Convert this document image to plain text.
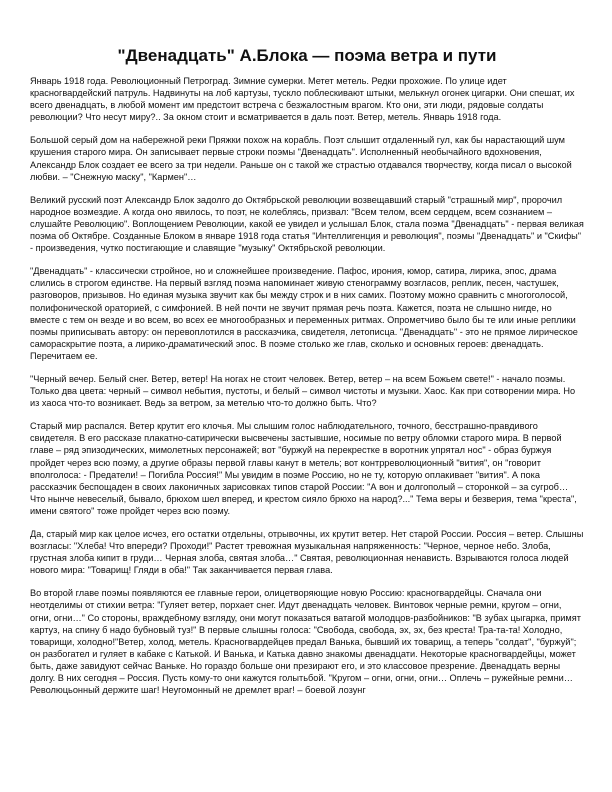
"Двенадцать" А.Блока — поэма ветра и пути

Январь 1918 года. Революционный Петроград. Зимние сумерки. Метет метель. Редки прохожие. По улице идет красногвардейский патруль. Надвинуты на лоб картузы, тускло поблескивают штыки, мелькнул огонек цигарки. Они спешат, их всего двенадцать, в любой момент им предстоит встреча с безжалостным врагом. Кто они, эти люди, рядовые солдаты революции? Что несут миру?.. За окном стоит и всматривается в даль поэт. Ветер, метель. Январь 1918 года.

Большой серый дом на набережной реки Пряжки похож на корабль. Поэт слышит отдаленный гул, как бы нарастающий шум крушения старого мира. Он записывает первые строки поэмы "Двенадцать". Исполненный необычайного вдохновения, Александр Блок создает ее всего за три недели. Раньше он с такой же страстью отдавался творчеству, когда писал о высокой любви. – "Снежную маску", "Кармен"…

Великий русский поэт Александр Блок задолго до Октябрьской революции возвещавший старый "страшный мир", пророчил народное возмездие. А когда оно явилось, то поэт, не колеблясь, призвал: "Всем телом, всем сердцем, всем сознанием – слушайте Революцию". Воплощением Революции, какой ее увидел и услышал Блок, стала поэма "Двенадцать" - первая великая поэма об Октябре. Созданные Блоком в январе 1918 года статья "Интеллигенция и революция", поэмы "Двенадцать" и "Скифы" - произведения, чутко постигающие и славящие "музыку" Октябрьской революции.

"Двенадцать" - классически стройное, но и сложнейшее произведение. Пафос, ирония, юмор, сатира, лирика, эпос, драма слились в строгом единстве. На первый взгляд поэма напоминает живую стенограмму возгласов, реплик, песен, частушек, разговоров, призывов. Но единая музыка звучит как бы между строк и в них самих. Поэтому можно сравнить с многоголосой, полифонической ораторией, с симфонией. В ней почти не звучит прямая речь поэта. Кажется, поэта не слышно нигде, но вместе с тем он везде и во всем, во всех ее многообразных и переменных ритмах. Опрометчиво было бы те или иные реплики поэмы приписывать автору: он перевоплотился в рассказчика, свидетеля, летописца. "Двенадцать" - это не прямое лирическое самораскрытие поэта, а лирико-драматический эпос. В поэме столько же глав, сколько и основных героев: двенадцать. Перечитаем ее.

"Черный вечер. Белый снег. Ветер, ветер! На ногах не стоит человек. Ветер, ветер – на всем Божьем свете!" - начало поэмы. Только два цвета: черный – символ небытия, пустоты, и белый – символ чистоты и музыки. Хаос. Как при сотворении мира. Но из хаоса что-то возникает. Ведь за ветром, за метелью что-то должно быть. Что?

Старый мир распался. Ветер крутит его клочья. Мы слышим голос наблюдательного, точного, бесстрашно-правдивого свидетеля. В его рассказе плакатно-сатирически высвечены застывшие, носимые по ветру обломки старого мира. В первой главе – ряд эпизодических, мимолетных персонажей; вот "буржуй на перекрестке в воротник упрятал нос" - образ буржуя пройдет через всю поэму, а другие образы первой главы канут в метель; вот контрреволюционный "вития", он "говорит вполголоса: - Предатели! – Погибла Россия!" Мы увидим в поэме Россию, но не ту, которую оплакивает "вития". А пока рассказчик беспощаден в своих лаконичных зарисовках типов старой России: "А вон и долгополый – сторонкой – за сугроб… Что нынче невеселый, бывало, брюхом шел вперед, и крестом сияло брюхо на народ?..." Тема веры и безверия, тема "креста", имени святого" тоже пройдет через всю поэму.

Да, старый мир как целое исчез, его остатки отдельны, отрывочны, их крутит ветер. Нет старой России. Россия – ветер. Слышны возгласы: "Хлеба! Что впереди? Проходи!" Растет тревожная музыкальная напряженность: "Черное, черное небо. Злоба, грустная злоба кипит в груди… Черная злоба, святая злоба…" Святая, революционная ненависть. Взрываются голоса людей нового мира: "Товарищ! Гляди в оба!" Так заканчивается первая глава.

Во второй главе поэмы появляются ее главные герои, олицетворяющие новую Россию: красногвардейцы. Сначала они неотделимы от стихии ветра: "Гуляет ветер, порхает снег. Идут двенадцать человек. Винтовок черные ремни, кругом – огни, огни, огни…" Со стороны, враждебному взгляду, они могут показаться ватагой молодцов-разбойников: "В зубах цыгарка, примят картуз, на спину б надо бубновый туз!" В первые слышны голоса: "Свобода, свобода, эх, эх, без креста! Тра-та-та! Холодно, товарищи, холодно!"Ветер, холод, метель. Красногвардейцев предал Ванька, бывший их товарищ, а теперь "солдат", "буржуй"; он разбогател и гуляет в кабаке с Катькой. И Ванька, и Катька давно знакомы двенадцати. Некоторые красногвардейцы, может быть, даже завидуют сейчас Ваньке. Но гораздо больше они презирают его, и это классовое презрение. Двенадцать верны долгу. В них сегодня – Россия. Пусть кому-то они кажутся голытьбой. "Кругом – огни, огни, огни… Оплечь – ружейные ремни… Революцьонный держите шаг! Неугомонный не дремлет враг! – боевой лозунг
